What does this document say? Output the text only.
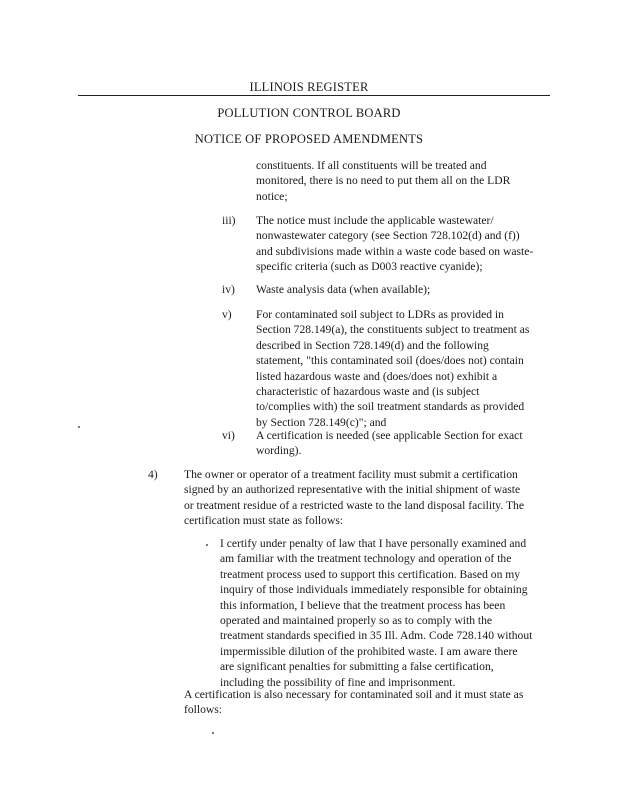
ILLINOIS REGISTER
POLLUTION CONTROL BOARD
NOTICE OF PROPOSED AMENDMENTS
constituents. If all constituents will be treated and
monitored, there is no need to put them all on the LDR
notice;
iii) The notice must include the applicable wastewater/
nonwastewater category (see Section 728.102(d) and (f))
and subdivisions made within a waste code based on waste-
specific criteria (such as D003 reactive cyanide);
iv) Waste analysis data (when available);
v) For contaminated soil subject to LDRs as provided in
Section 728.149(a), the constituents subject to treatment as
described in Section 728.149(d) and the following
statement, "this contaminated soil (does/does not) contain
listed hazardous waste and (does/does not) exhibit a
characteristic of hazardous waste and (is subject
to/complies with) the soil treatment standards as provided
by Section 728.149(c)"; and
vi) A certification is needed (see applicable Section for exact
wording).
4) The owner or operator of a treatment facility must submit a certification
signed by an authorized representative with the initial shipment of waste
or treatment residue of a restricted waste to the land disposal facility. The
certification must state as follows:
I certify under penalty of law that I have personally examined and
am familiar with the treatment technology and operation of the
treatment process used to support this certification. Based on my
inquiry of those individuals immediately responsible for obtaining
this information, I believe that the treatment process has been
operated and maintained properly so as to comply with the
treatment standards specified in 35 Ill. Adm. Code 728.140 without
impermissible dilution of the prohibited waste. I am aware there
are significant penalties for submitting a false certification,
including the possibility of fine and imprisonment.
A certification is also necessary for contaminated soil and it must state as
follows:
